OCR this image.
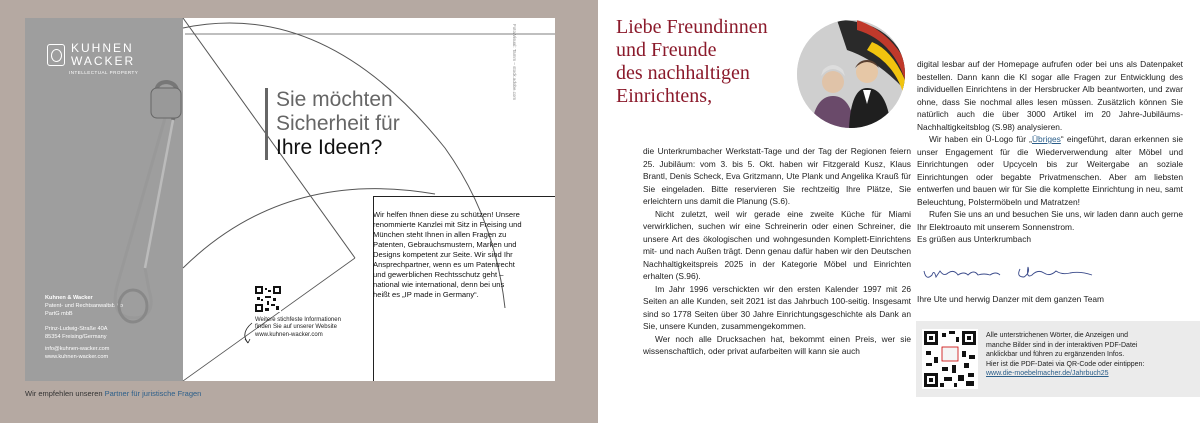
KUHNEN
WACKER
INTELLECTUAL PROPERTY
Kuhnen & Wacker
Patent- und Rechtsanwaltsbüro
PartG mbB
Prinz-Ludwig-Straße 40A
85354 Freising/Germany
info@kuhnen-wacker.com
www.kuhnen-wacker.com
Foto/Visual: Tamm – stock.adobe.com
Sie möchten
Sicherheit für
Ihre Ideen?
Weitere stichfeste Informationen
finden Sie auf unserer Website
www.kuhnen-wacker.com
Wir helfen Ihnen diese zu schützen! Unsere renommierte Kanzlei mit Sitz in Freising und München steht Ihnen in allen Fragen zu Patenten, Gebrauchsmustern, Marken und Designs kompetent zur Seite. Wir sind Ihr Ansprechpartner, wenn es um Patentrecht und gewerblichen Rechtsschutz geht – national wie international, denn bei uns heißt es „IP made in Germany“.
Wir empfehlen unseren Partner für juristische Fragen
Liebe Freundinnen
und Freunde
des nachhaltigen
Einrichtens,

die Unterkrumbacher Werkstatt-Tage und der Tag der Regionen feiern 25. Jubiläum: vom 3. bis 5. Okt. haben wir Fitzgerald Kusz, Klaus Brantl, Denis Scheck, Eva Gritzmann, Ute Plank und Angelika Krauß für Sie eingeladen. Bitte reservieren Sie rechtzeitig Ihre Plätze, Sie erleichtern uns damit die Planung (S.6).

Nicht zuletzt, weil wir gerade eine zweite Küche für Miami verwirklichen, suchen wir eine Schreinerin oder einen Schreiner, die unsere Art des ökologischen und wohngesunden Komplett-Einrichtens mit- und nach Außen trägt. Denn genau dafür haben wir den Deutschen Nachhaltigkeitspreis 2025 in der Kategorie Möbel und Einrichten erhalten (S.96).

Im Jahr 1996 verschickten wir den ersten Kalender 1997 mit 26 Seiten an alle Kunden, seit 2021 ist das Jahrbuch 100-seitig. Insgesamt sind so 1778 Seiten über 30 Jahre Einrichtungsgeschichte als Dank an Sie, unsere Kunden, zusammengekommen.

Wer noch alle Drucksachen hat, bekommt einen Preis, wer sie wissenschaftlich, oder privat aufarbeiten will kann sie auch

digital lesbar auf der Homepage aufrufen oder bei uns als Datenpaket bestellen. Dann kann die KI sogar alle Fragen zur Entwicklung des individuellen Einrichtens in der Hersbrucker Alb beantworten, und zwar ohne, dass Sie nochmal alles lesen müssen. Zusätzlich können Sie natürlich auch die über 3000 Artikel im 20 Jahre-Jubiläums-Nachhaltigkeitsblog (S.98) analysieren.

Wir haben ein Ü-Logo für „Übriges“ eingeführt, daran erkennen sie unser Engagement für die Wiederverwendung alter Möbel und Einrichtungen oder Upcyceln bis zur Weitergabe an soziale Einrichtungen oder begabte Privatmenschen. Aber am liebsten entwerfen und bauen wir für Sie die komplette Einrichtung in neu, samt Beleuchtung, Polstermöbeln und Matratzen!

Rufen Sie uns an und besuchen Sie uns, wir laden dann auch gerne Ihr Elektroauto mit unserem Sonnenstrom.

Es grüßen aus Unterkrumbach

Ihre Ute und herwig Danzer mit dem ganzen Team
Alle unterstrichenen Wörter, die Anzeigen und
manche Bilder sind in der interaktiven PDF-Datei
anklickbar und führen zu ergänzenden Infos.
Hier ist die PDF-Datei via QR-Code oder eintippen:
www.die-moebelmacher.de/Jahrbuch25
